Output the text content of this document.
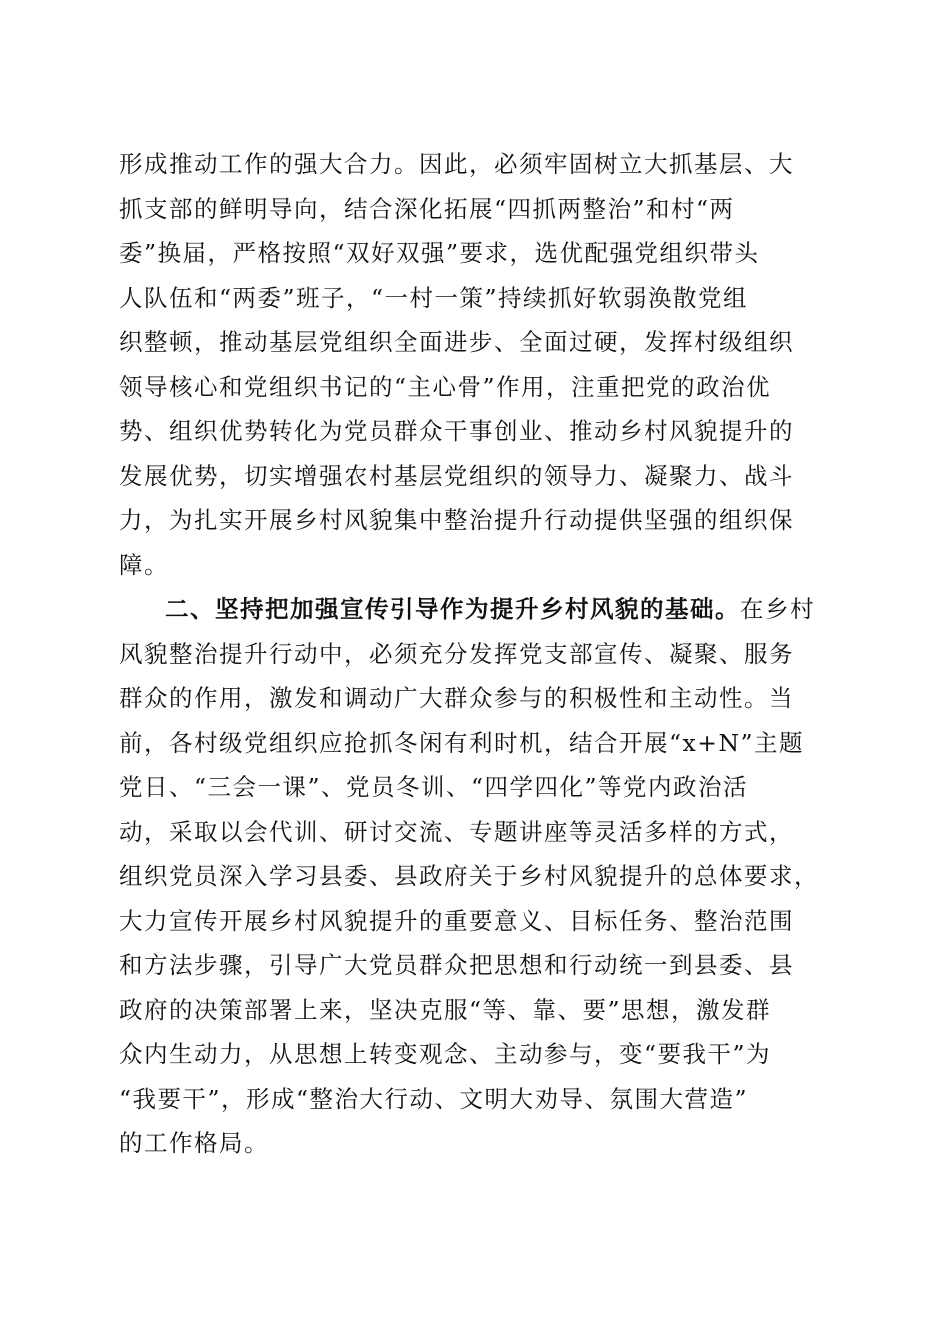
形成推动工作的强大合力。因此，必须牢固树立大抓基层、大
抓支部的鲜明导向，结合深化拓展“四抓两整治”和村“两
委”换届，严格按照“双好双强”要求，选优配强党组织带头
人队伍和“两委”班子，“一村一策”持续抓好软弱涣散党组
织整顿，推动基层党组织全面进步、全面过硬，发挥村级组织
领导核心和党组织书记的“主心骨”作用，注重把党的政治优
势、组织优势转化为党员群众干事创业、推动乡村风貌提升的
发展优势，切实增强农村基层党组织的领导力、凝聚力、战斗
力，为扎实开展乡村风貌集中整治提升行动提供坚强的组织保
障。
二、坚持把加强宣传引导作为提升乡村风貌的基础。在乡村
风貌整治提升行动中，必须充分发挥党支部宣传、凝聚、服务
群众的作用，激发和调动广大群众参与的积极性和主动性。当
前，各村级党组织应抢抓冬闲有利时机，结合开展“x+N”主题
党日、“三会一课”、党员冬训、“四学四化”等党内政治活
动，采取以会代训、研讨交流、专题讲座等灵活多样的方式，
组织党员深入学习县委、县政府关于乡村风貌提升的总体要求，
大力宣传开展乡村风貌提升的重要意义、目标任务、整治范围
和方法步骤，引导广大党员群众把思想和行动统一到县委、县
政府的决策部署上来，坚决克服“等、靠、要”思想，激发群
众内生动力，从思想上转变观念、主动参与，变“要我干”为
“我要干”，形成“整治大行动、文明大劝导、氛围大营造”
的工作格局。
